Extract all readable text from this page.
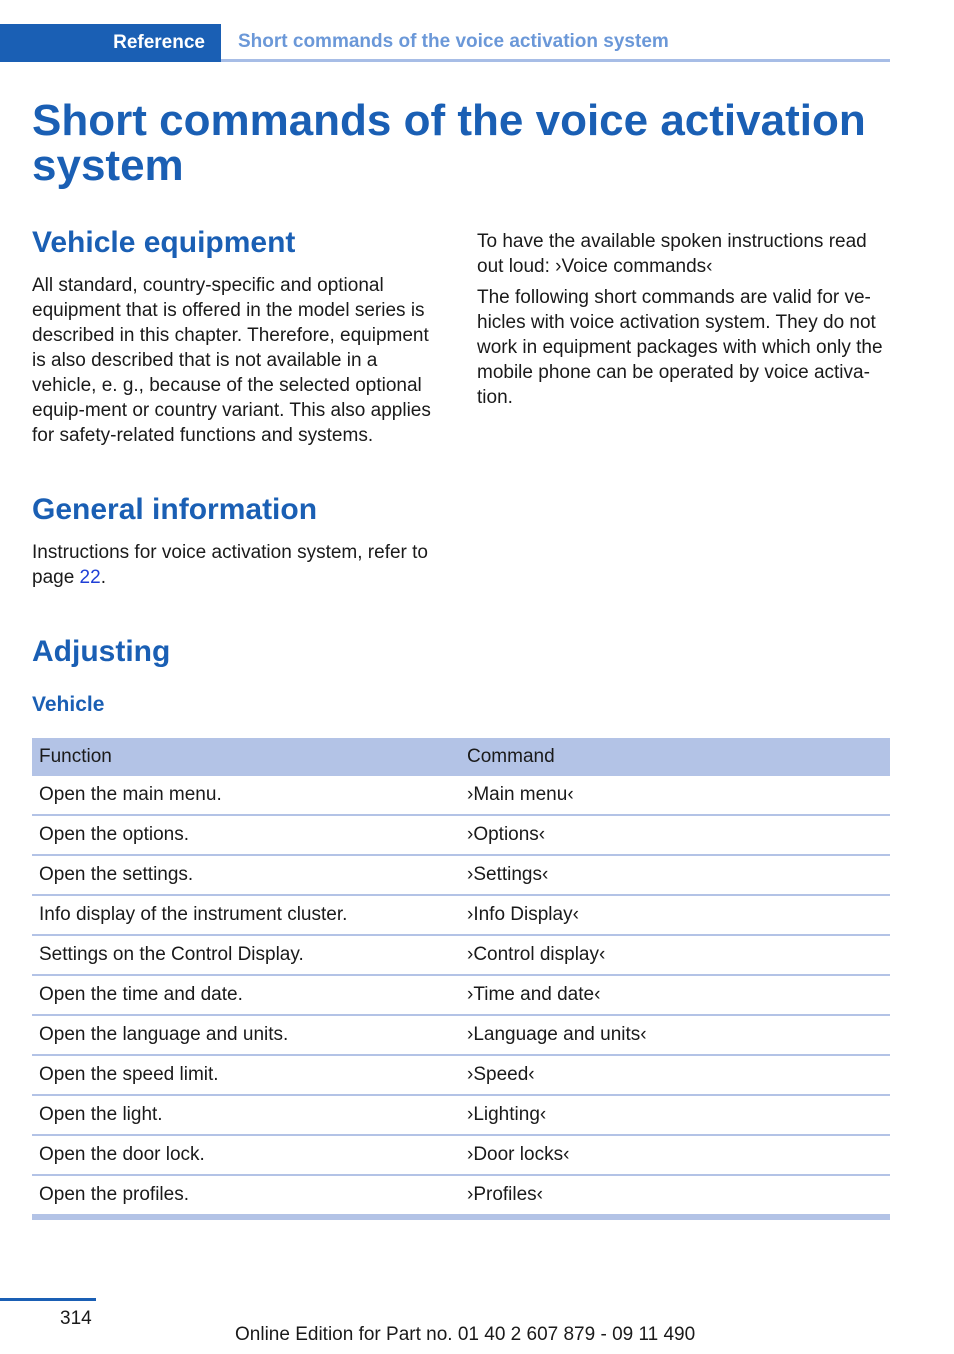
Reference	Short commands of the voice activation system
Short commands of the voice activation system
Vehicle equipment

All standard, country-specific and optional equipment that is offered in the model series is described in this chapter. Therefore, equipment is also described that is not available in a vehicle, e. g., because of the selected optional equip-ment or country variant. This also applies for safety-related functions and systems.

General information

Instructions for voice activation system, refer to page 22.

To have the available spoken instructions read out loud: ›Voice commands‹

The following short commands are valid for ve-hicles with voice activation system. They do not work in equipment packages with which only the mobile phone can be operated by voice activa-tion.

Adjusting
Vehicle
Function	Command
Open the main menu.	›Main menu‹
Open the options.	›Options‹
Open the settings.	›Settings‹
Info display of the instrument cluster.	›Info Display‹
Settings on the Control Display.	›Control display‹
Open the time and date.	›Time and date‹
Open the language and units.	›Language and units‹
Open the speed limit.	›Speed‹
Open the light.	›Lighting‹
Open the door lock.	›Door locks‹
Open the profiles.	›Profiles‹
314
Online Edition for Part no. 01 40 2 607 879 - 09 11 490
